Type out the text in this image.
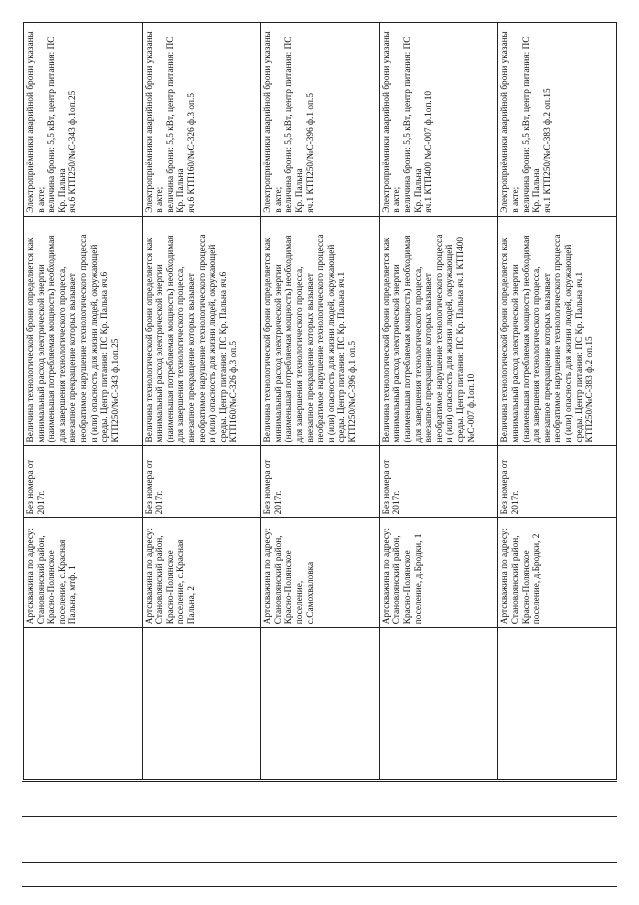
Артскважина по адресу:
Становлянский район,
Красно-Полянское
поселение, с.Красная
Пальна, мтф. 1
Без номера от
2017г.
Величина технологической брони определяется как
минимальный расход электрической энергии
(наименьшая потребляемая мощность) необходимая
для завершения технологического процесса,
внезапное прекращение которых вызывает
необратимое нарушение технологического процесса
и (или) опасность для жизни людей, окружающей
среды. Центр питания: ПС Кр. Пальна яч.6
КТП250/№С-343 ф.1оп.25
Электроприёмники аварийной брони указаны в акте;
величина брони: 5,5 кВт, центр питания: ПС Кр. Пальна
яч.6 КТП250/№С-343 ф.1оп.25
Артскважина по адресу:
Становлянский район,
Красно-Полянское
поселение, с.Красная
Пальна, 2
Без номера от
2017г.
Величина технологической брони определяется как
минимальный расход электрической энергии
(наименьшая потребляемая мощность) необходимая
для завершения технологического процесса,
внезапное прекращение которых вызывает
необратимое нарушение технологического процесса
и (или) опасность для жизни людей, окружающей
среды. Центр питания: ПС Кр. Пальна яч.6
КТП160/№С-326 ф.3 оп.5
Электроприёмники аварийной брони указаны в акте;
величина брони: 5,5 кВт, центр питания: ПС Кр. Пальна
яч.6 КТП160/№С-326 ф.3 оп.5
Артскважина по адресу:
Становлянский район,
Красно-Полянское
поселение,
с.Самохваловка
Без номера от
2017г.
Величина технологической брони определяется как
минимальный расход электрической энергии
(наименьшая потребляемая мощность) необходимая
для завершения технологического процесса,
внезапное прекращение которых вызывает
необратимое нарушение технологического процесса
и (или) опасность для жизни людей, окружающей
среды. Центр питания: ПС Кр. Пальна яч.1
КТП250/№С-396 ф.1 оп.5
Электроприёмники аварийной брони указаны в акте;
величина брони: 5,5 кВт, центр питания: ПС Кр. Пальна
яч.1 КТП250/№С-396 ф.1 оп.5
Артскважина по адресу:
Становлянский район,
Красно-Полянское
поселение, д.Бродки, 1
Без номера от
2017г.
Величина технологической брони определяется как
минимальный расход электрической энергии
(наименьшая потребляемая мощность) необходимая
для завершения технологического процесса,
внезапное прекращение которых вызывает
необратимое нарушение технологического процесса
и (или) опасность для жизни людей, окружающей
среды. Центр питания: ПС Кр. Пальна яч.1 КТП400
№С-007 ф.1оп.10
Электроприёмники аварийной брони указаны в акте;
величина брони: 5,5 кВт, центр питания: ПС Кр. Пальна
яч.1 КТП400 №С-007 ф.1оп.10
Артскважина по адресу:
Становлянский район,
Красно-Полянское
поселение, д.Бродки, 2
Без номера от
2017г.
Величина технологической брони определяется как
минимальный расход электрической энергии
(наименьшая потребляемая мощность) необходимая
для завершения технологического процесса,
внезапное прекращение которых вызывает
необратимое нарушение технологического процесса
и (или) опасность для жизни людей, окружающей
среды. Центр питания: ПС Кр. Пальна яч.1
КТП250/№С-383 ф.2 оп.15
Электроприёмники аварийной брони указаны в акте;
величина брони: 5,5 кВт, центр питания: ПС Кр. Пальна
яч.1 КТП250/№С-383 ф.2 оп.15
